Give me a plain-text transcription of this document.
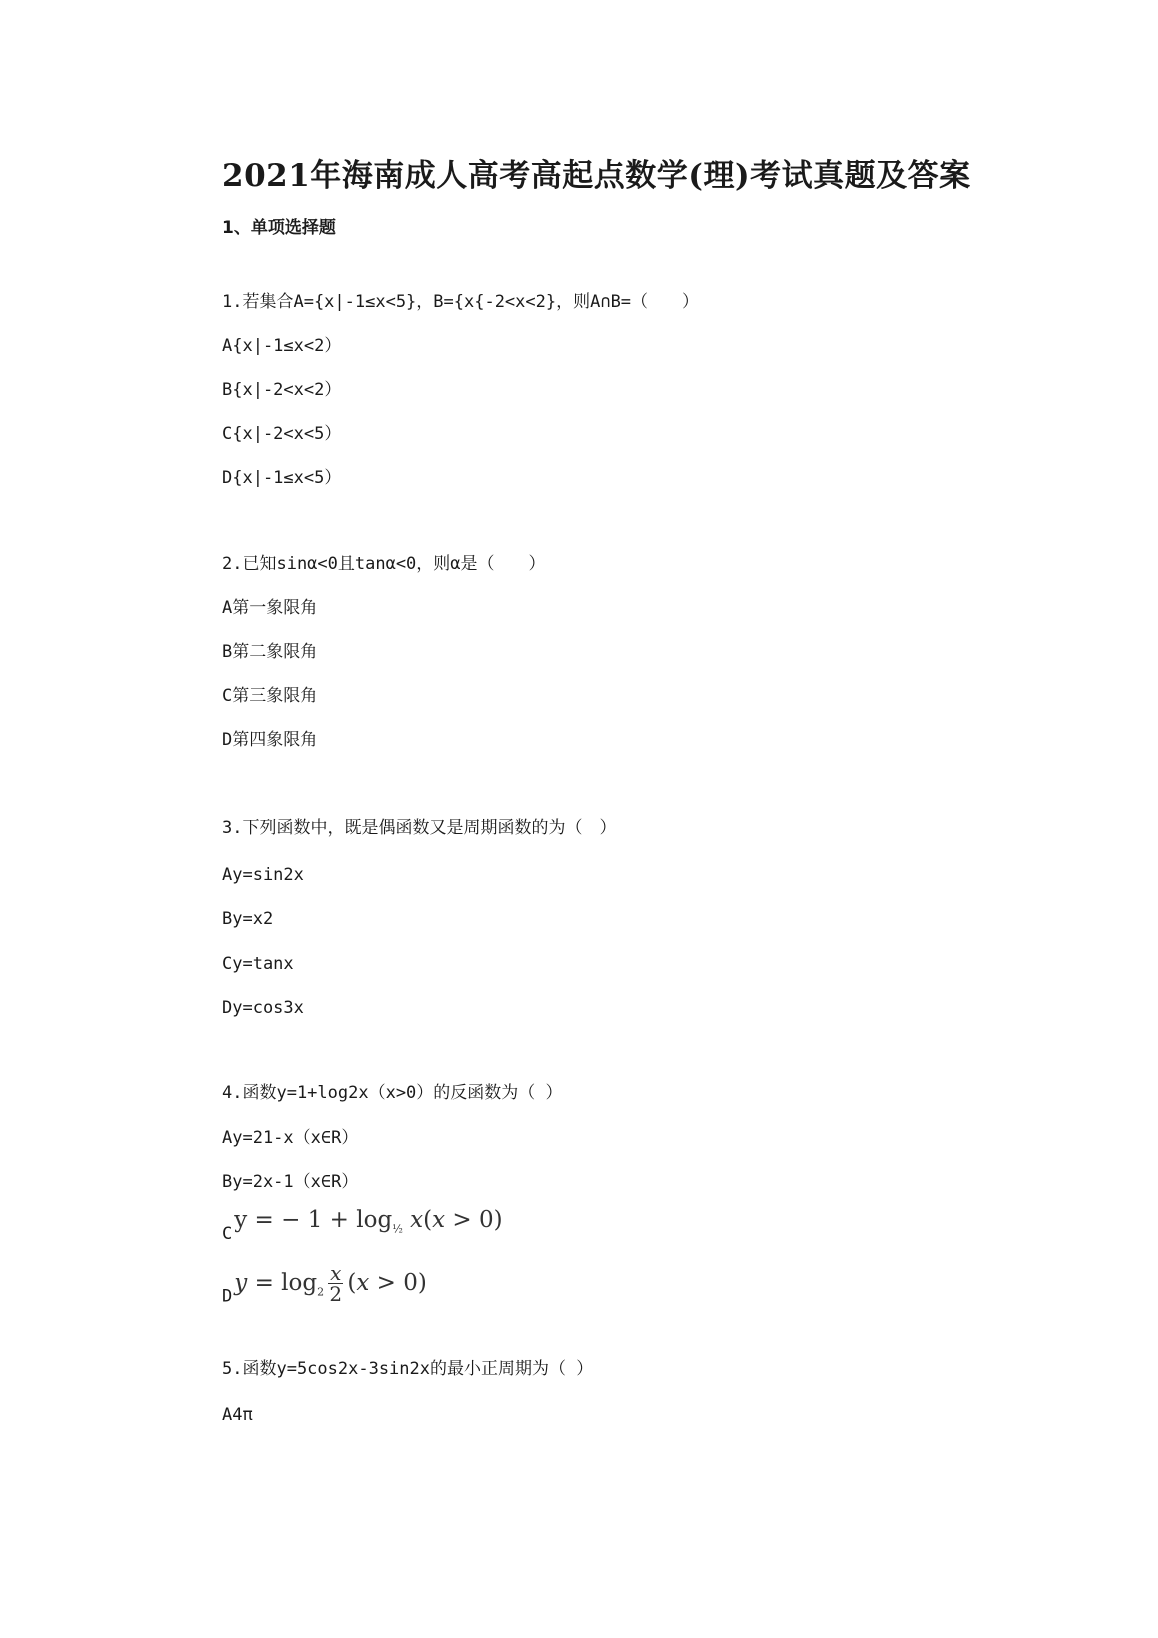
2021年海南成人高考高起点数学(理)考试真题及答案
1、单项选择题
1.若集合A={x|-1≤x<5}，B={x{-2<x<2}，则A∩B=（　　）
A{x|-1≤x<2）
B{x|-2<x<2）
C{x|-2<x<5）
D{x|-1≤x<5）
2.已知sinα<0且tanα<0，则α是（　　）
A第一象限角
B第二象限角
C第三象限角
D第四象限角
3.下列函数中，既是偶函数又是周期函数的为（　）
Ay=sin2x
By=x2
Cy=tanx
Dy=cos3x
4.函数y=1+log2x（x>0）的反函数为（ ）
Ay=21-x（x∈R）
By=2x-1（x∈R）
Cy = − $1 + \log_{\frac{1}{2}} x(x > 0)$
$Dy = \log_2 \frac{x}{2} (x > 0)$
5.函数y=5cos2x-3sin2x的最小正周期为（ ）
A4π
